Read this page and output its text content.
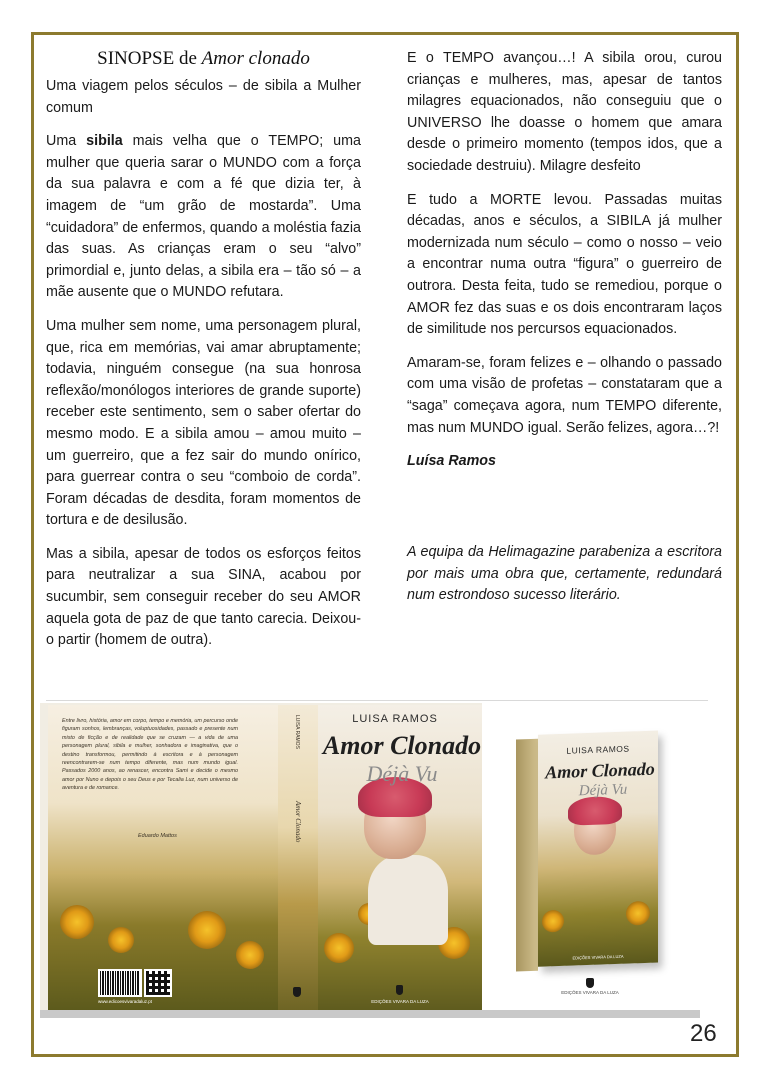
SINOPSE de Amor clonado

Uma viagem pelos séculos – de sibila a Mulher comum

Uma sibila mais velha que o TEMPO; uma mulher que queria sarar o MUNDO com a força da sua palavra e com a fé que dizia ter, à imagem de “um grão de mostarda”. Uma “cuidadora” de enfermos, quando a moléstia fazia das suas. As crianças eram o seu “alvo” primordial e, junto delas, a sibila era – tão só – a mãe ausente que o MUNDO refutara.

Uma mulher sem nome, uma personagem plural, que, rica em memórias, vai amar abruptamente; todavia, ninguém consegue (na sua honrosa reflexão/monólogos interiores de grande suporte) receber este sentimento, sem o saber ofertar do mesmo modo. E a sibila amou – amou muito – um guerreiro, que a fez sair do mundo onírico, para guerrear contra o seu “comboio de corda”. Foram décadas de desdita, foram momentos de tortura e de desilusão.

Mas a sibila, apesar de todos os esforços feitos para neutralizar a sua SINA, acabou por sucumbir, sem conseguir receber do seu AMOR aquela gota de paz de que tanto carecia. Deixou-o partir (homem de outra).

E o TEMPO avançou…! A sibila orou, curou crianças e mulheres, mas, apesar de tantos milagres equacionados, não conseguiu que o UNIVERSO lhe doasse o homem que amara desde o primeiro momento (tempos idos, que a sociedade destruiu). Milagre desfeito

E tudo a MORTE levou. Passadas muitas décadas, anos e séculos, a SIBILA já mulher modernizada num século – como o nosso – veio a encontrar numa outra “figura” o guerreiro de outrora. Desta feita, tudo se remediou, porque o AMOR fez das suas e os dois encontraram laços de similitude nos percursos equacionados.

Amaram-se, foram felizes e – olhando o passado com uma visão de profetas – constataram que a “saga” começava agora, num TEMPO diferente, mas num MUNDO igual. Serão felizes, agora…?!

Luísa Ramos

A equipa da Helimagazine parabeniza a escritora por mais uma obra que, certamente, redundará num estrondoso sucesso literário.

Entre livro, história, amor em corpo, tempo e memória, um percurso onde figuram sonhos, lembranças, voluptuosidades, passado e presente num misto de ficção e de realidade que se cruzam — a vida de uma personagem plural, sibila e mulher, sonhadora e imaginativa, que o destino transformou, permitindo à escritora e à personagem reencontrarem-se num tempo diferente, mas num mundo igual. Passados 2000 anos, ao renascer, encontra Sami e decide o mesmo amor por Nuno e depois o seu Deus e por Tecalia Luz, num universo de aventura e de romance.
Eduardo Mattos
www.edicoesvivaradaluz.pt
LUISA RAMOS
Amor Clonado
LUISA RAMOS
Amor Clonado
Déjà Vu
EDIÇÕES VIVARA DA LUZA
LUISA RAMOS
Amor Clonado
Déjà Vu
EDIÇÕES VIVARA DA LUZA
EDIÇÕES VIVARA DA LUZA
26
